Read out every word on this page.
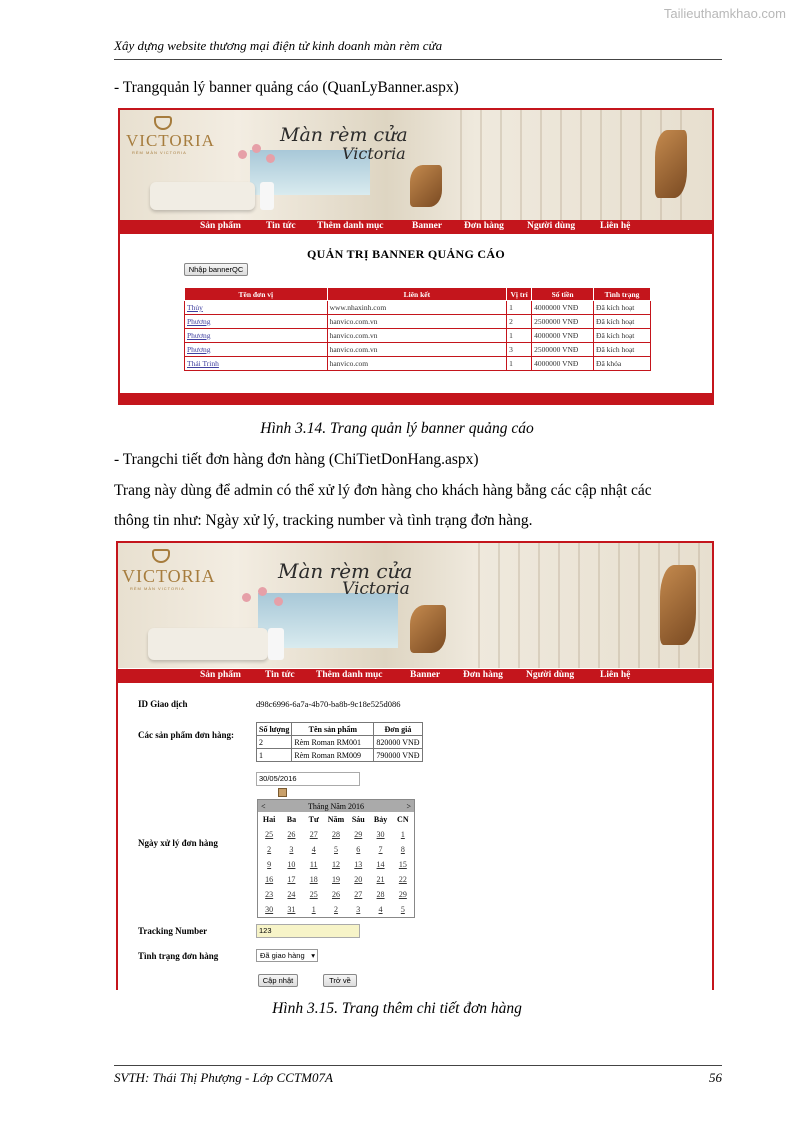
Tailieuthamkhao.com
Xây dựng website thương mại điện tử kinh doanh màn rèm cửa
- Trangquản lý banner quảng cáo (QuanLyBanner.aspx)
VICTORIA
RÈM MÀN VICTORIA
Màn rèm cửa
Victoria
Sản phẩm	Tin tức Thêm danh mục	Banner Đơn hàng Người dùng	Liên hệ
QUẢN TRỊ BANNER QUẢNG CÁO
Nhập bannerQC
Tên đơn vị	Liên kết	Vị trí	Số tiền	Tình trạng
Thủy	www.nhaxinh.com	1	4000000 VNĐ	Đã kích hoạt
Phương	hanvico.com.vn	2	2500000 VNĐ	Đã kích hoạt
Phương	hanvico.com.vn	1	4000000 VNĐ	Đã kích hoạt
Phương	hanvico.com.vn	3	2500000 VNĐ	Đã kích hoạt
Thái Trinh	hanvico.com	1	4000000 VNĐ	Đã khóa
Hình 3.14. Trang quản lý banner quảng cáo
- Trangchi tiết đơn hàng đơn hàng (ChiTietDonHang.aspx)
Trang này dùng để admin có thể xử lý đơn hàng cho khách hàng bằng các cập nhật các
thông tin như: Ngày xử lý, tracking number và tình trạng đơn hàng.
VICTORIA
RÈM MÀN VICTORIA
Màn rèm cửa
Victoria
Sản phẩm	Tin tức Thêm danh mục	Banner Đơn hàng Người dùng	Liên hệ
ID Giao dịch	d98c6996-6a7a-4b70-ba8b-9c18e525d086
Các sản phẩm đơn hàng:
Số lượng	Tên sản phẩm	Đơn giá
2	Rèm Roman RM001	820000 VNĐ
1	Rèm Roman RM009	790000 VNĐ
30/05/2016
Ngày xử lý đơn hàng
<	Tháng Năm 2016	>
Hai	Ba	Tư	Năm Sáu	Bảy	CN
25	26	27	28	29	30	1
2	3	4	5	6	7	8
9	10	11	12	13	14	15
16	17	18	19	20	21	22
23	24	25	26	27	28	29
30	31	1	2	3	4	5
Tracking Number	123
Tình trạng đơn hàng	Đã giao hàng ▾
Cập nhật	Trở về
Hình 3.15. Trang thêm chi tiết đơn hàng
SVTH: Thái Thị Phượng - Lớp CCTM07A	56
